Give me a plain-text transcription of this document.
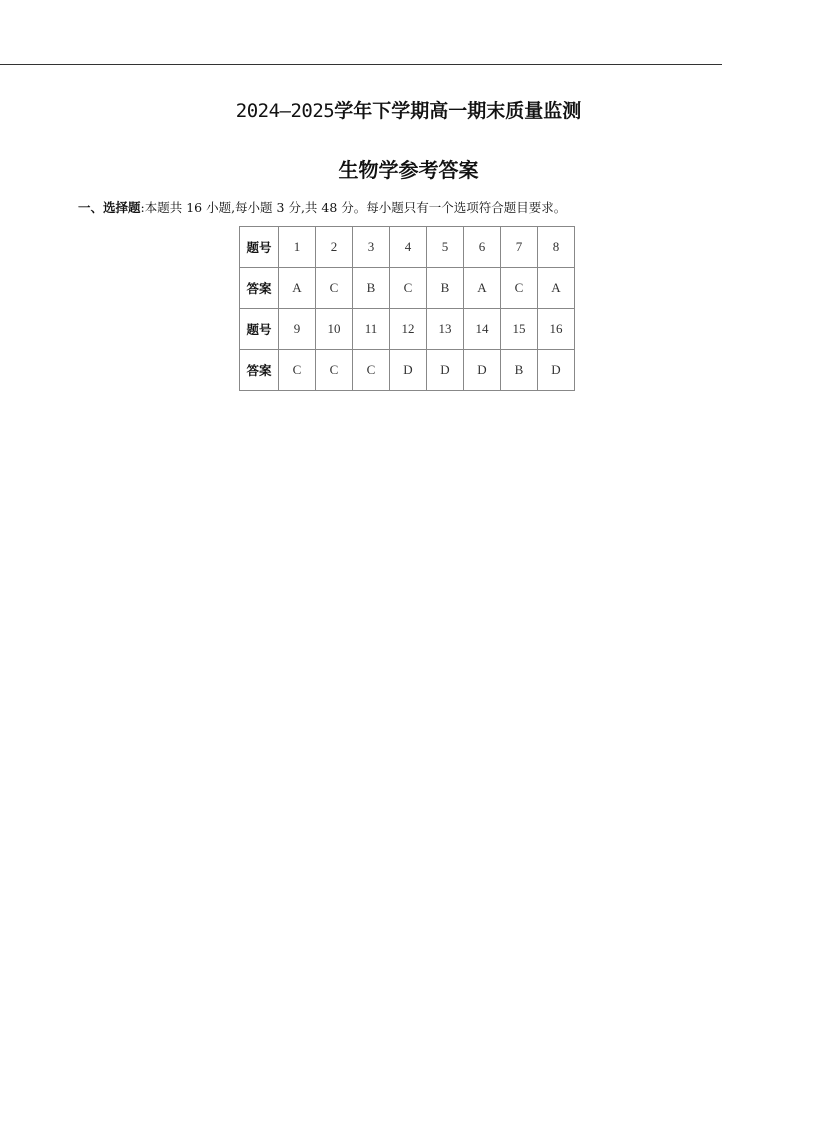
2024—2025学年下学期高一期末质量监测
生物学参考答案
一、选择题:本题共 16 小题,每小题 3 分,共 48 分。每小题只有一个选项符合题目要求。
题号	1	2	3	4	5	6	7	8
答案	A	C	B	C	B	A	C	A
题号	9	10	11	12	13	14	15	16
答案	C	C	C	D	D	D	B	D
